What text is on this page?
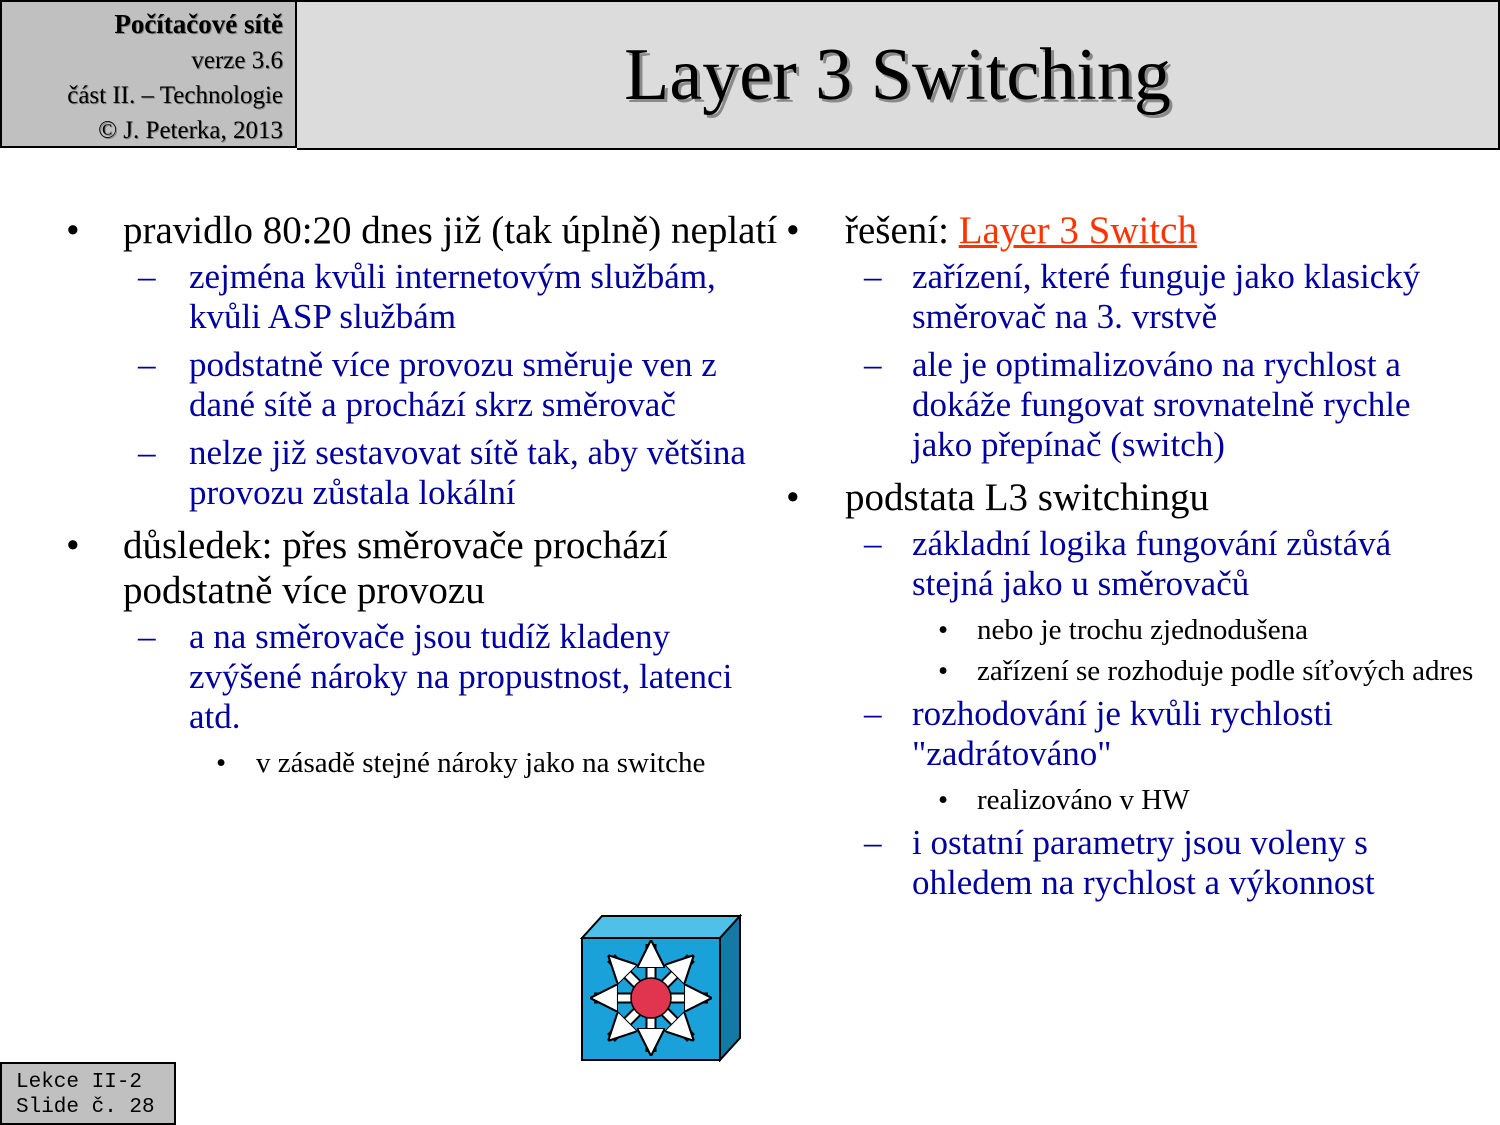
Počítačové sítě
verze 3.6
část II. – Technologie
© J. Peterka, 2013
Layer 3 Switching
• pravidlo 80:20 dnes již (tak úplně) neplatí
– zejména kvůli internetovým službám, kvůli ASP službám
– podstatně více provozu směruje ven z dané sítě a prochází skrz směrovač
– nelze již sestavovat sítě tak, aby většina provozu zůstala lokální
• důsledek: přes směrovače prochází podstatně více provozu
– a na směrovače jsou tudíž kladeny zvýšené nároky na propustnost, latenci atd.
• v zásadě stejné nároky jako na switche
• řešení: Layer 3 Switch
– zařízení, které funguje jako klasický směrovač na 3. vrstvě
– ale je optimalizováno na rychlost a dokáže fungovat srovnatelně rychle jako přepínač (switch)
• podstata L3 switchingu
– základní logika fungování zůstává stejná jako u směrovačů
• nebo je trochu zjednodušena
• zařízení se rozhoduje podle síťových adres
– rozhodování je kvůli rychlosti "zadrátováno"
• realizováno v HW
– i ostatní parametry jsou voleny s ohledem na rychlost a výkonnost
Lekce II-2
Slide č. 28
